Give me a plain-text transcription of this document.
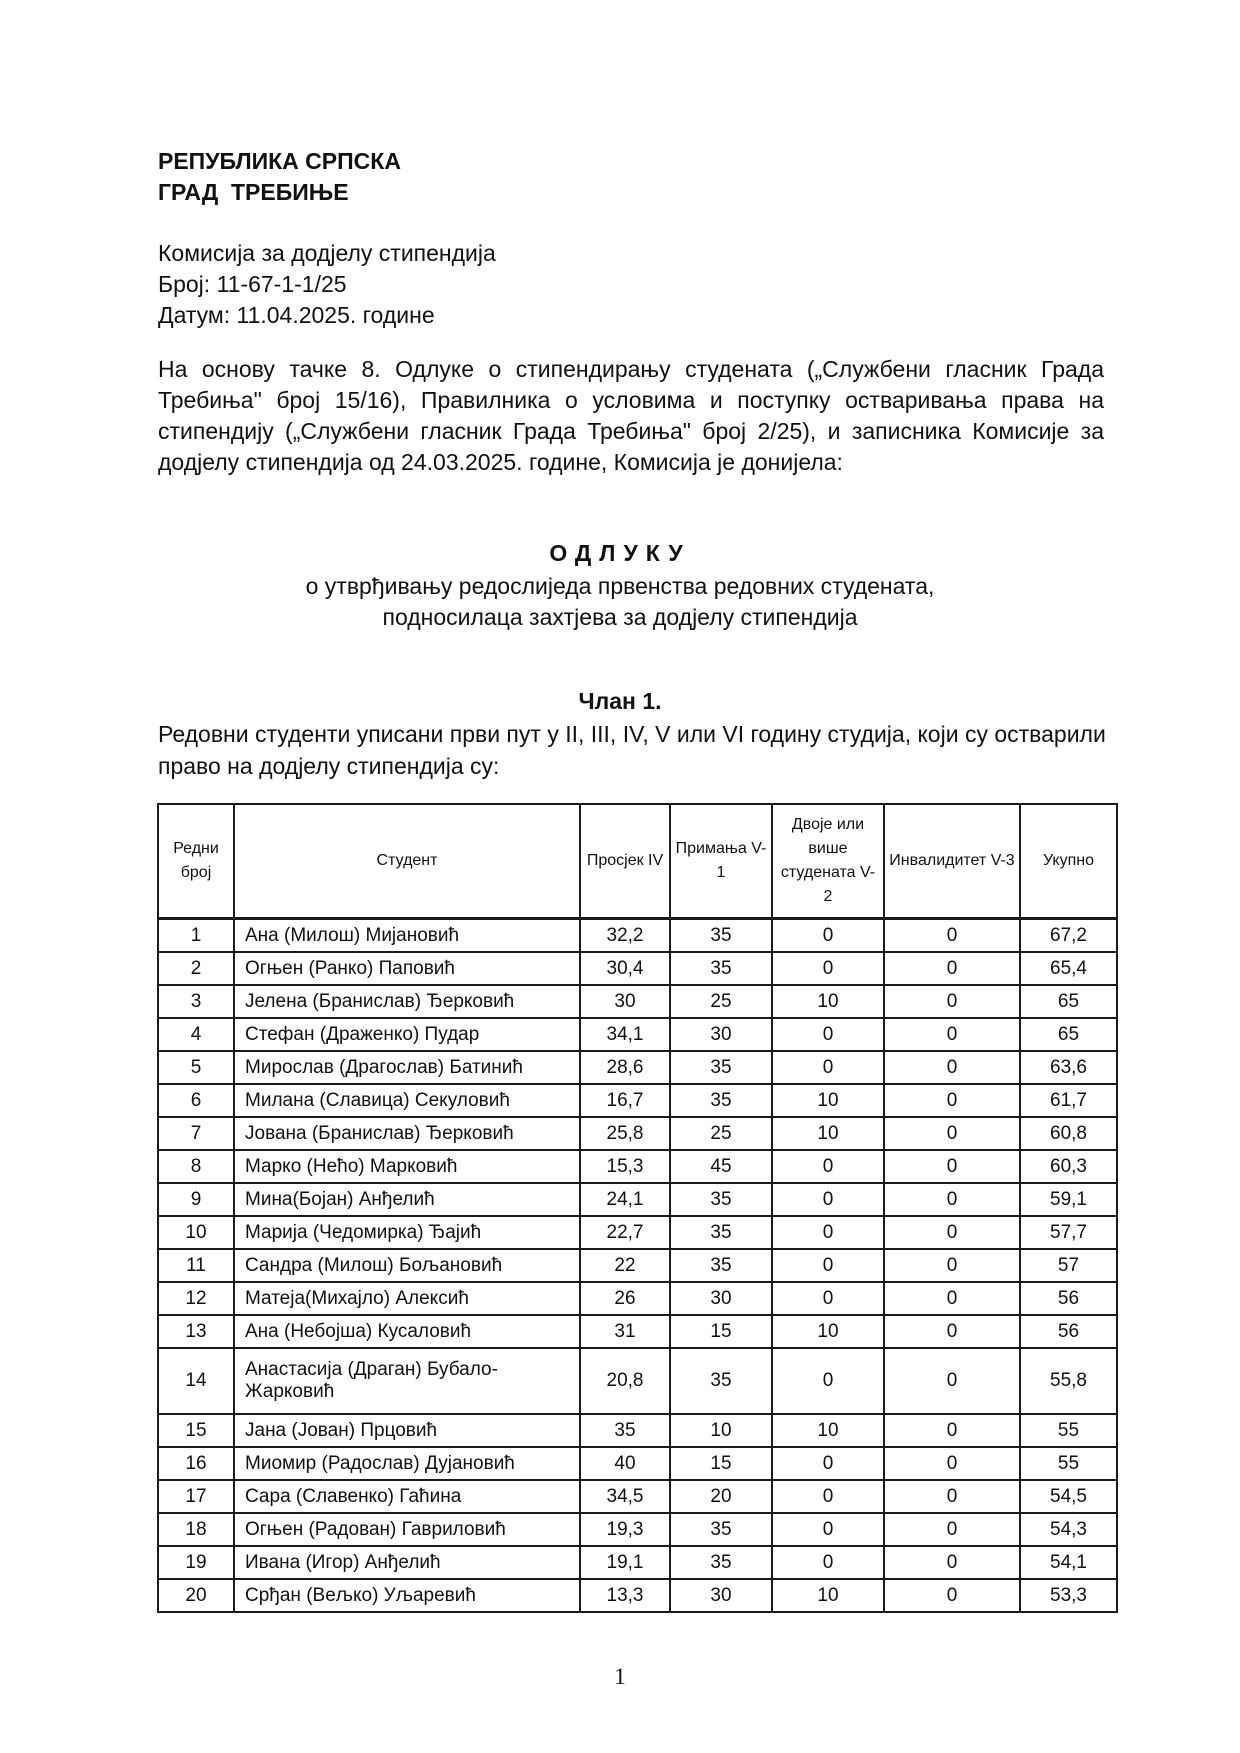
РЕПУБЛИКА СРПСКА
ГРАД  ТРЕБИЊЕ
Комисија за додјелу стипендија
Број: 11-67-1-1/25
Датум: 11.04.2025. године
На основу тачке 8. Одлуке о стипендирању студената („Службени гласник Града Требиња" број 15/16), Правилника о условима и поступку остваривања права на стипендију („Службени гласник Града Требиња" број 2/25), и записника Комисије за додјелу стипендија од 24.03.2025. године, Комисија је донијела:
ОДЛУКУ
о утврђивању редослиједа првенства редовних студената,
подносилаца захтјева за додјелу стипендија
Члан 1.
Редовни студенти уписани први пут у II, III, IV, V или VI годину студија, који су остварили право на додјелу стипендија су:
Редни број	Студент	Просјек IV	Примања V-1	Двоје или више студената V-2	Инвалидитет V-3	Укупно
1	Ана (Милош) Мијановић	32,2	35	0	0	67,2
2	Огњен (Ранко) Паповић	30,4	35	0	0	65,4
3	Јелена (Бранислав) Ђерковић	30	25	10	0	65
4	Стефан (Драженко) Пудар	34,1	30	0	0	65
5	Мирослав (Драгослав) Батинић	28,6	35	0	0	63,6
6	Милана (Славица) Секуловић	16,7	35	10	0	61,7
7	Јована (Бранислав) Ђерковић	25,8	25	10	0	60,8
8	Марко (Нећо) Марковић	15,3	45	0	0	60,3
9	Мина(Бојан) Анђелић	24,1	35	0	0	59,1
10	Марија (Чедомирка) Ђајић	22,7	35	0	0	57,7
11	Сандра (Милош) Бољановић	22	35	0	0	57
12	Матеја(Михајло) Алексић	26	30	0	0	56
13	Ана (Небојша) Кусаловић	31	15	10	0	56
14	Анастасија (Драган) Бубало-Жарковић	20,8	35	0	0	55,8
15	Јана (Јован) Прцовић	35	10	10	0	55
16	Миомир (Радослав) Дујановић	40	15	0	0	55
17	Сара (Славенко) Гаћина	34,5	20	0	0	54,5
18	Огњен (Радован) Гавриловић	19,3	35	0	0	54,3
19	Ивана (Игор) Анђелић	19,1	35	0	0	54,1
20	Срђан (Вељко) Уљаревић	13,3	30	10	0	53,3
1
